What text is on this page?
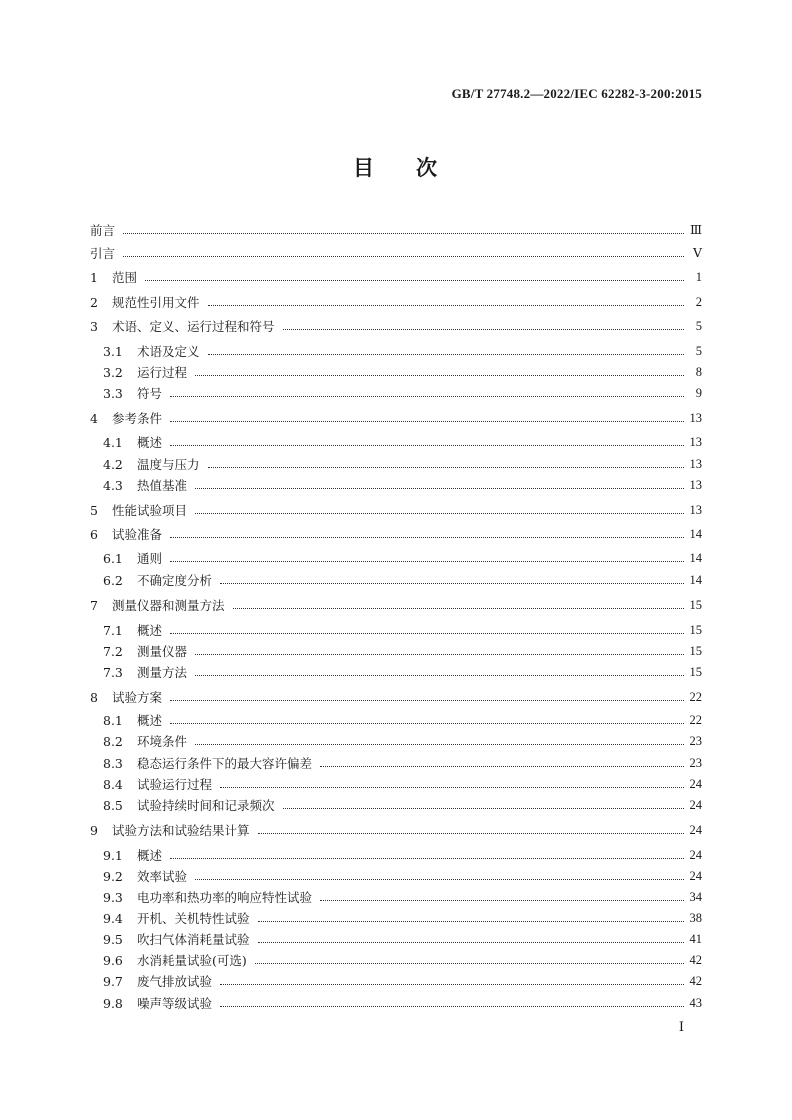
GB/T 27748.2—2022/IEC 62282-3-200:2015
目 次
前言	Ⅲ
引言	Ⅴ
1	范围	1
2	规范性引用文件	2
3	术语、定义、运行过程和符号	5
3.1	术语及定义	5
3.2	运行过程	8
3.3	符号	9
4	参考条件	13
4.1	概述	13
4.2	温度与压力	13
4.3	热值基准	13
5	性能试验项目	13
6	试验准备	14
6.1	通则	14
6.2	不确定度分析	14
7	测量仪器和测量方法	15
7.1	概述	15
7.2	测量仪器	15
7.3	测量方法	15
8	试验方案	22
8.1	概述	22
8.2	环境条件	23
8.3	稳态运行条件下的最大容许偏差	23
8.4	试验运行过程	24
8.5	试验持续时间和记录频次	24
9	试验方法和试验结果计算	24
9.1	概述	24
9.2	效率试验	24
9.3	电功率和热功率的响应特性试验	34
9.4	开机、关机特性试验	38
9.5	吹扫气体消耗量试验	41
9.6	水消耗量试验(可选)	42
9.7	废气排放试验	42
9.8	噪声等级试验	43
Ⅰ
